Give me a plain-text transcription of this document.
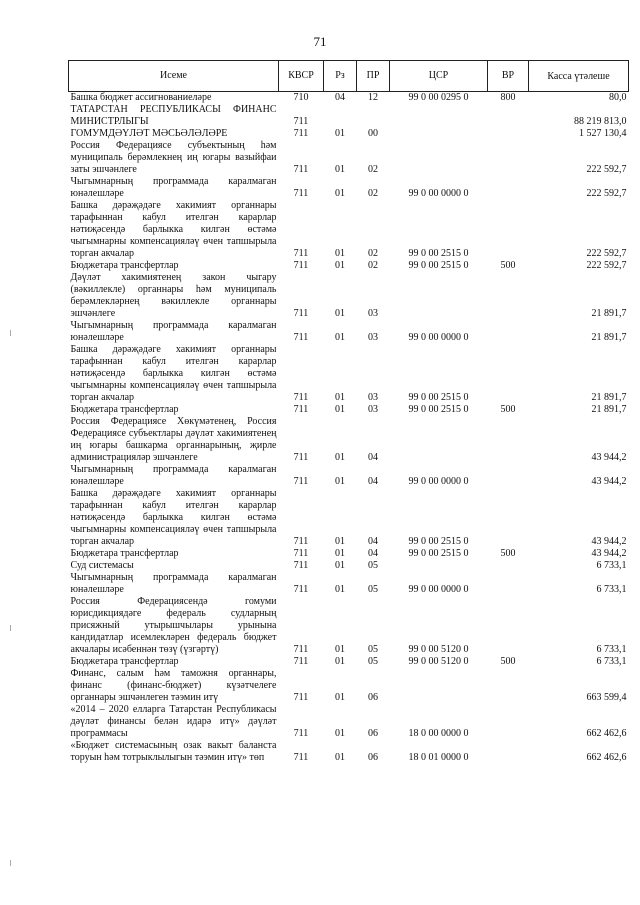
71
Исеме	КВСР	Рз	ПР	ЦСР	ВР	Касса үтәлеше
Башка бюджет ассигнованиеләре	710	04	12	99 0 00 0295 0	800	80,0
ТАТАРСТАН РЕСПУБЛИКАСЫ ФИНАНС МИНИСТРЛЫГЫ	711					88 219 813,0
ГОМУМДӘҮЛӘТ МӘСЬӘЛӘЛӘРЕ	711	01	00			1 527 130,4
Россия Федерациясе субъектының һәм муниципаль берәмлекнең иң югары вазыйфаи заты эшчәнлеге	711	01	02			222 592,7
Чыгымнарның программада каралмаган юнәлешләре	711	01	02	99 0 00 0000 0		222 592,7
Башка дәрәҗәдәге хакимият органнары тарафыннан кабул ителгән карарлар нәтиҗәсендә барлыкка килгән өстәмә чыгымнарны компенсацияләү өчен тапшырыла торган акчалар	711	01	02	99 0 00 2515 0		222 592,7
Бюджетара трансфертлар	711	01	02	99 0 00 2515 0	500	222 592,7
Дәүләт хакимиятенең закон чыгару (вәкиллекле) органнары һәм муниципаль берәмлекләрнең вәкиллекле органнары эшчәнлеге	711	01	03			21 891,7
Чыгымнарның программада каралмаган юнәлешләре	711	01	03	99 0 00 0000 0		21 891,7
Башка дәрәҗәдәге хакимият органнары тарафыннан кабул ителгән карарлар нәтиҗәсендә барлыкка килгән өстәмә чыгымнарны компенсацияләү өчен тапшырыла торган акчалар	711	01	03	99 0 00 2515 0		21 891,7
Бюджетара трансфертлар	711	01	03	99 0 00 2515 0	500	21 891,7
Россия Федерациясе Хөкүмәтенең, Россия Федерациясе субъектлары дәүләт хакимиятенең иң югары башкарма органнарының, җирле администрацияләр эшчәнлеге	711	01	04			43 944,2
Чыгымнарның программада каралмаган юнәлешләре	711	01	04	99 0 00 0000 0		43 944,2
Башка дәрәҗәдәге хакимият органнары тарафыннан кабул ителгән карарлар нәтиҗәсендә барлыкка килгән өстәмә чыгымнарны компенсацияләү өчен тапшырыла торган акчалар	711	01	04	99 0 00 2515 0		43 944,2
Бюджетара трансфертлар	711	01	04	99 0 00 2515 0	500	43 944,2
Суд системасы	711	01	05			6 733,1
Чыгымнарның программада каралмаган юнәлешләре	711	01	05	99 0 00 0000 0		6 733,1
Россия Федерациясендә гомуми юрисдикциядәге федераль судларның присяжный утырышчылары урынына кандидатлар исемлекләрен федераль бюджет акчалары исәбеннән төзү (үзгәртү)	711	01	05	99 0 00 5120 0		6 733,1
Бюджетара трансфертлар	711	01	05	99 0 00 5120 0	500	6 733,1
Финанс, салым һәм таможня органнары, финанс (финанс-бюджет) күзәтчелеге органнары эшчәнлеген тәэмин итү	711	01	06			663 599,4
«2014 – 2020 елларга Татарстан Республикасы дәүләт финансы белән идарә итү» дәүләт программасы	711	01	06	18 0 00 0000 0		662 462,6
«Бюджет системасының озак вакыт баланста торуын һәм тотрыклылыгын тәэмин итү» төп	711	01	06	18 0 01 0000 0		662 462,6
